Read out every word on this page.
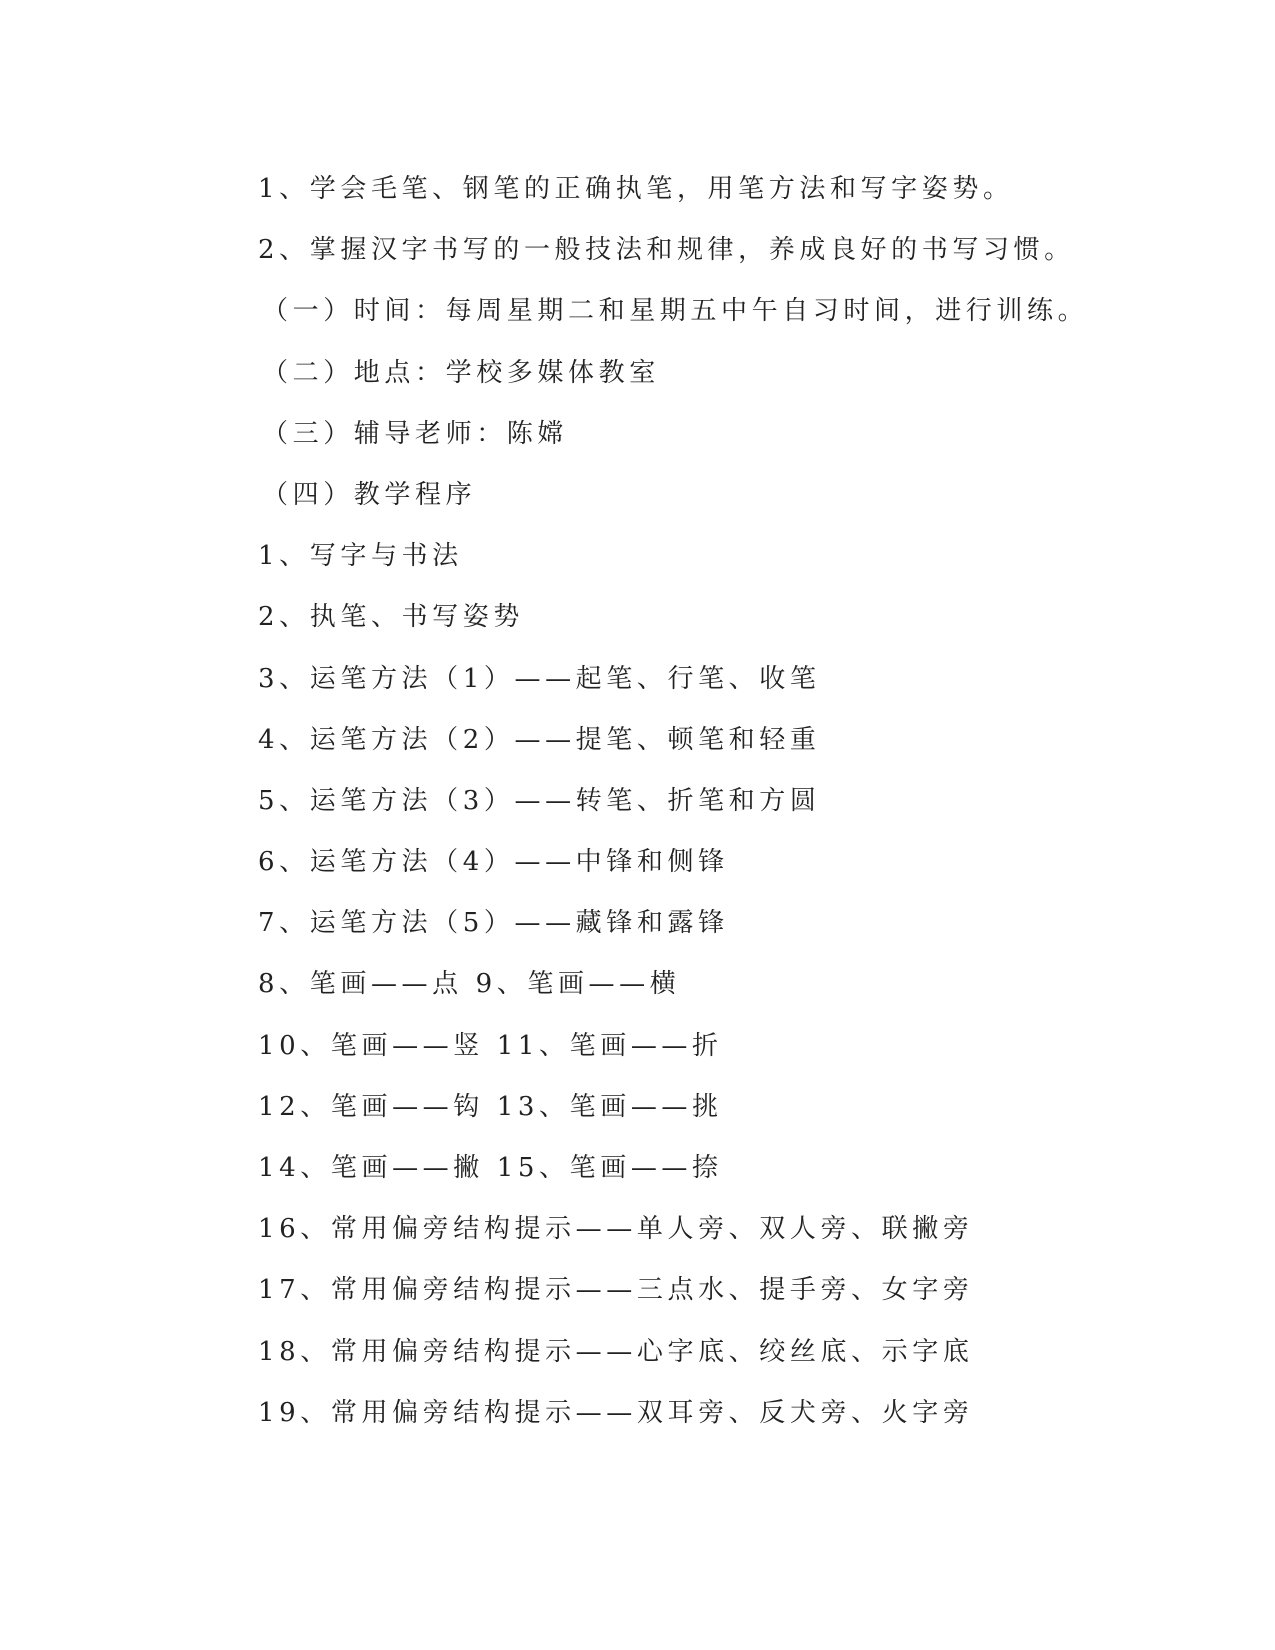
1、学会毛笔、钢笔的正确执笔，用笔方法和写字姿势。
2、掌握汉字书写的一般技法和规律，养成良好的书写习惯。
（一）时间：每周星期二和星期五中午自习时间，进行训练。
（二）地点：学校多媒体教室
（三）辅导老师：陈嫦
（四）教学程序
1、写字与书法
2、执笔、书写姿势
3、运笔方法（1）——起笔、行笔、收笔
4、运笔方法（2）——提笔、顿笔和轻重
5、运笔方法（3）——转笔、折笔和方圆
6、运笔方法（4）——中锋和侧锋
7、运笔方法（5）——藏锋和露锋
8、笔画——点 9、笔画——横
10、笔画——竖 11、笔画——折
12、笔画——钩 13、笔画——挑
14、笔画——撇 15、笔画——捺
16、常用偏旁结构提示——单人旁、双人旁、联撇旁
17、常用偏旁结构提示——三点水、提手旁、女字旁
18、常用偏旁结构提示——心字底、绞丝底、示字底
19、常用偏旁结构提示——双耳旁、反犬旁、火字旁
